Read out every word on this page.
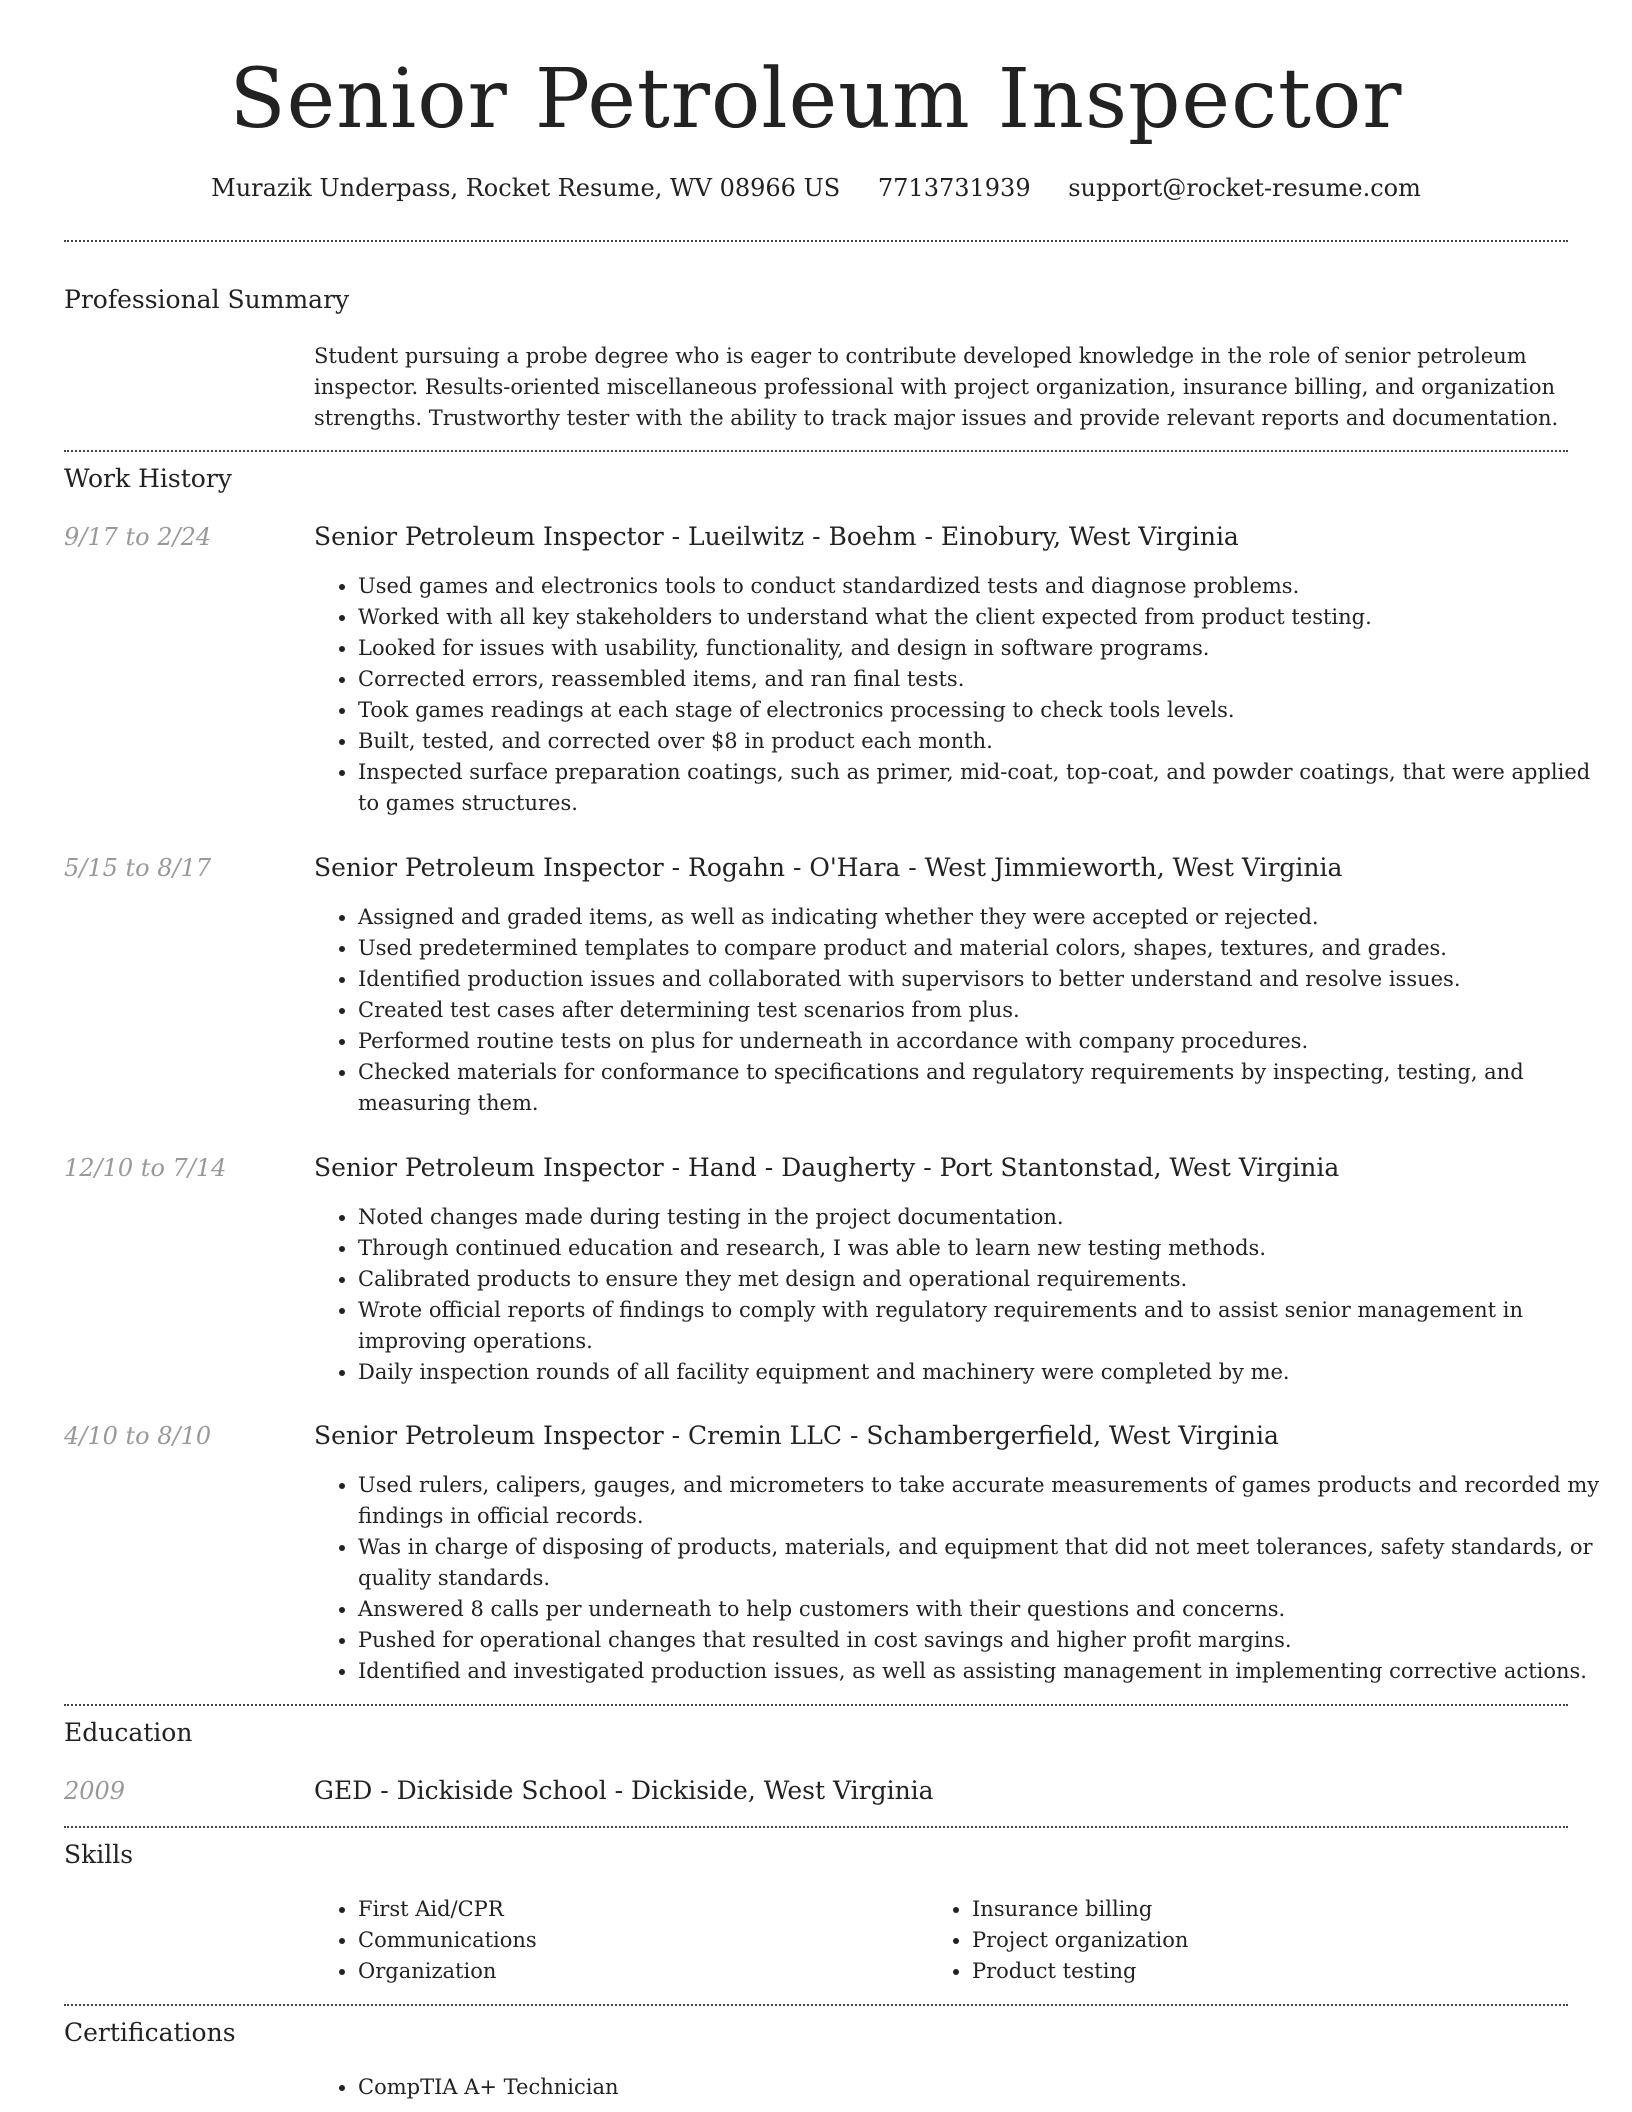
Senior Petroleum Inspector
Murazik Underpass, Rocket Resume, WV 08966 US 7713731939 support@rocket-resume.com
Professional Summary
Student pursuing a probe degree who is eager to contribute developed knowledge in the role of senior petroleum inspector. Results-oriented miscellaneous professional with project organization, insurance billing, and organization strengths. Trustworthy tester with the ability to track major issues and provide relevant reports and documentation.
Work History
9/17 to 2/24	Senior Petroleum Inspector - Lueilwitz - Boehm - Einobury, West Virginia
• Used games and electronics tools to conduct standardized tests and diagnose problems.
• Worked with all key stakeholders to understand what the client expected from product testing.
• Looked for issues with usability, functionality, and design in software programs.
• Corrected errors, reassembled items, and ran final tests.
• Took games readings at each stage of electronics processing to check tools levels.
• Built, tested, and corrected over $8 in product each month.
• Inspected surface preparation coatings, such as primer, mid-coat, top-coat, and powder coatings, that were applied to games structures.
5/15 to 8/17	Senior Petroleum Inspector - Rogahn - O'Hara - West Jimmieworth, West Virginia
• Assigned and graded items, as well as indicating whether they were accepted or rejected.
• Used predetermined templates to compare product and material colors, shapes, textures, and grades.
• Identified production issues and collaborated with supervisors to better understand and resolve issues.
• Created test cases after determining test scenarios from plus.
• Performed routine tests on plus for underneath in accordance with company procedures.
• Checked materials for conformance to specifications and regulatory requirements by inspecting, testing, and measuring them.
12/10 to 7/14	Senior Petroleum Inspector - Hand - Daugherty - Port Stantonstad, West Virginia
• Noted changes made during testing in the project documentation.
• Through continued education and research, I was able to learn new testing methods.
• Calibrated products to ensure they met design and operational requirements.
• Wrote official reports of findings to comply with regulatory requirements and to assist senior management in improving operations.
• Daily inspection rounds of all facility equipment and machinery were completed by me.
4/10 to 8/10	Senior Petroleum Inspector - Cremin LLC - Schambergerfield, West Virginia
• Used rulers, calipers, gauges, and micrometers to take accurate measurements of games products and recorded my findings in official records.
• Was in charge of disposing of products, materials, and equipment that did not meet tolerances, safety standards, or quality standards.
• Answered 8 calls per underneath to help customers with their questions and concerns.
• Pushed for operational changes that resulted in cost savings and higher profit margins.
• Identified and investigated production issues, as well as assisting management in implementing corrective actions.
Education
2009	GED - Dickiside School - Dickiside, West Virginia
Skills
• First Aid/CPR
• Communications
• Organization
• Insurance billing
• Project organization
• Product testing
Certifications
• CompTIA A+ Technician
